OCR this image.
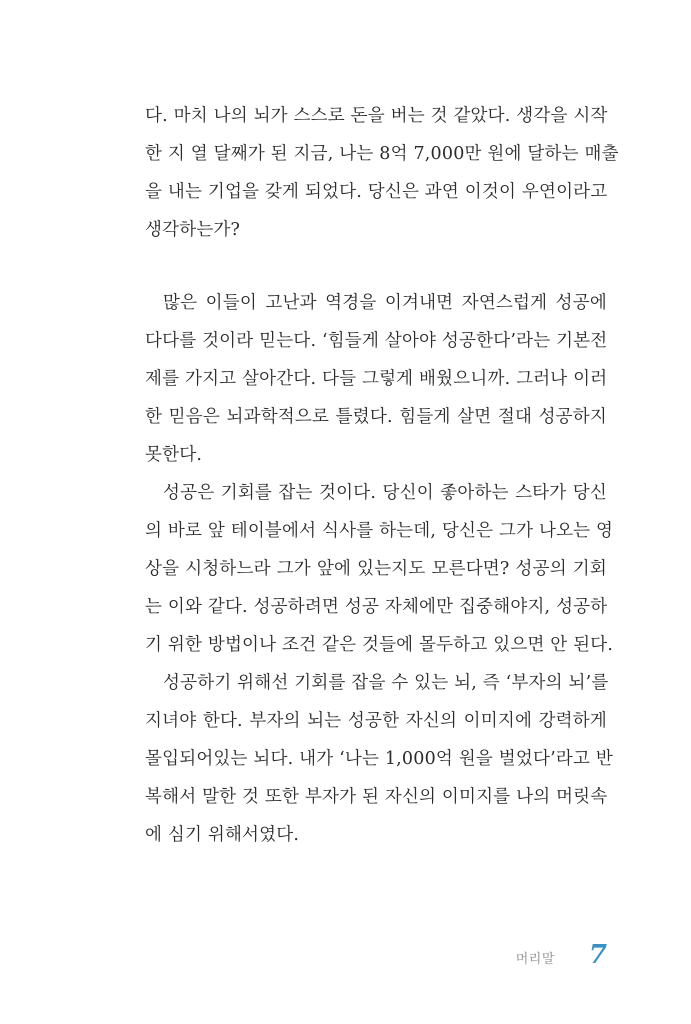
다. 마치 나의 뇌가 스스로 돈을 버는 것 같았다. 생각을 시작
한 지 열 달째가 된 지금, 나는 8억 7,000만 원에 달하는 매출
을 내는 기업을 갖게 되었다. 당신은 과연 이것이 우연이라고
생각하는가?
많은 이들이 고난과 역경을 이겨내면 자연스럽게 성공에
다다를 것이라 믿는다. ‘힘들게 살아야 성공한다’라는 기본전
제를 가지고 살아간다. 다들 그렇게 배웠으니까. 그러나 이러
한 믿음은 뇌과학적으로 틀렸다. 힘들게 살면 절대 성공하지
못한다.
성공은 기회를 잡는 것이다. 당신이 좋아하는 스타가 당신
의 바로 앞 테이블에서 식사를 하는데, 당신은 그가 나오는 영
상을 시청하느라 그가 앞에 있는지도 모른다면? 성공의 기회
는 이와 같다. 성공하려면 성공 자체에만 집중해야지, 성공하
기 위한 방법이나 조건 같은 것들에 몰두하고 있으면 안 된다.
성공하기 위해선 기회를 잡을 수 있는 뇌, 즉 ‘부자의 뇌’를
지녀야 한다. 부자의 뇌는 성공한 자신의 이미지에 강력하게
몰입되어있는 뇌다. 내가 ‘나는 1,000억 원을 벌었다’라고 반
복해서 말한 것 또한 부자가 된 자신의 이미지를 나의 머릿속
에 심기 위해서였다.
머리말 7
